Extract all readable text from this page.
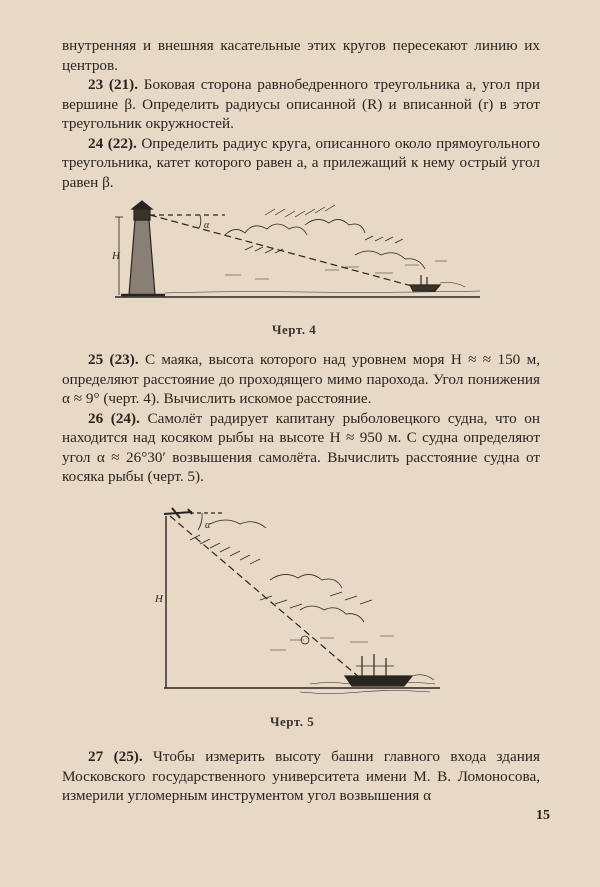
внутренняя и внешняя касательные этих кругов пересекают линию их центров.

23 (21). Боковая сторона равнобедренного треугольника a, угол при вершине β. Определить радиусы описанной (R) и вписанной (r) в этот треугольник окружностей.

24 (22). Определить радиус круга, описанного около прямоугольного треугольника, катет которого равен a, а прилежащий к нему острый угол равен β.

H
α
Черт. 4

25 (23). С маяка, высота которого над уровнем моря H ≈ ≈ 150 м, определяют расстояние до проходящего мимо парохода. Угол понижения α ≈ 9° (черт. 4). Вычислить искомое расстояние.

26 (24). Самолёт радирует капитану рыболовецкого судна, что он находится над косяком рыбы на высоте H ≈ 950 м. С судна определяют угол α ≈ 26°30′ возвышения самолёта. Вычислить расстояние судна от косяка рыбы (черт. 5).

H
α
Черт. 5

27 (25). Чтобы измерить высоту башни главного входа здания Московского государственного университета имени М. В. Ломоносова, измерили угломерным инструментом угол возвышения α

15
